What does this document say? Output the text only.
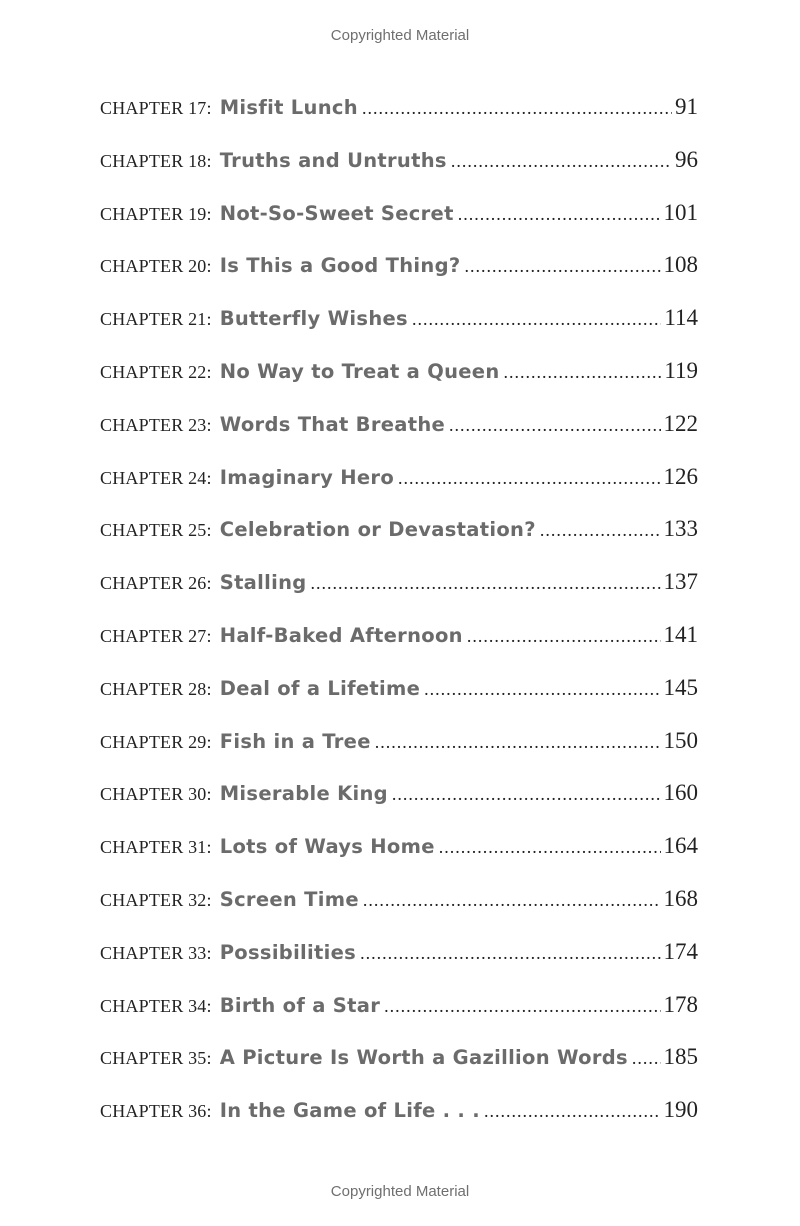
Copyrighted Material
CHAPTER 17: Misfit Lunch .....	91
CHAPTER 18: Truths and Untruths .....	96
CHAPTER 19: Not-So-Sweet Secret .....	101
CHAPTER 20: Is This a Good Thing? .....	108
CHAPTER 21: Butterfly Wishes .....	114
CHAPTER 22: No Way to Treat a Queen .....	119
CHAPTER 23: Words That Breathe .....	122
CHAPTER 24: Imaginary Hero .....	126
CHAPTER 25: Celebration or Devastation? .....	133
CHAPTER 26: Stalling .....	137
CHAPTER 27: Half-Baked Afternoon .....	141
CHAPTER 28: Deal of a Lifetime .....	145
CHAPTER 29: Fish in a Tree .....	150
CHAPTER 30: Miserable King .....	160
CHAPTER 31: Lots of Ways Home .....	164
CHAPTER 32: Screen Time .....	168
CHAPTER 33: Possibilities .....	174
CHAPTER 34: Birth of a Star .....	178
CHAPTER 35: A Picture Is Worth a Gazillion Words ..... 185
CHAPTER 36: In the Game of Life . . . .....	190
Copyrighted Material
